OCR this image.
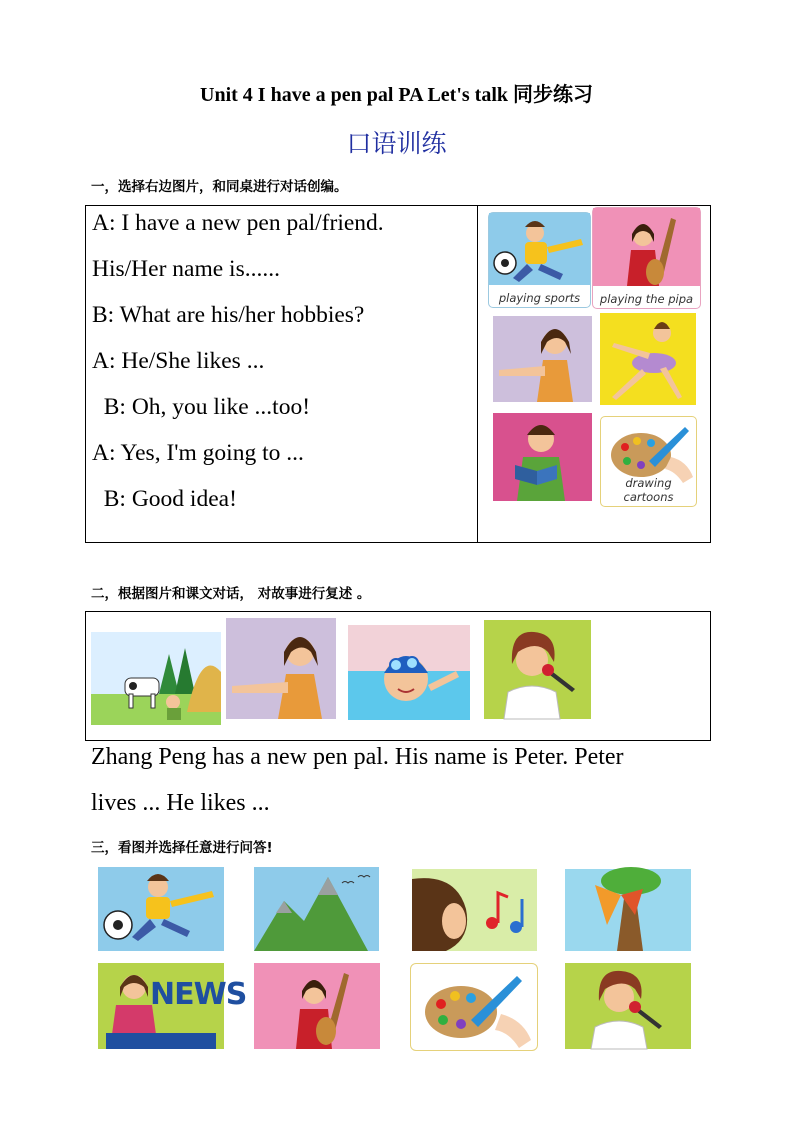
Unit 4 I have a pen pal PA Let's talk 同步练习
口语训练
一，选择右边图片，和同桌进行对话创编。
A: I have a new pen pal/friend.
His/Her name is......
B: What are his/her hobbies?
A: He/She likes ...
B: Oh, you like ...too!
A: Yes, I'm going to ...
B: Good idea!
playing sports	playing the pipa
drawing cartoons
二，根据图片和课文对话， 对故事进行复述 。
Zhang Peng has a new pen pal. His name is Peter. Peter
lives ... He likes ...
三，看图并选择任意进行问答!
NEWS
